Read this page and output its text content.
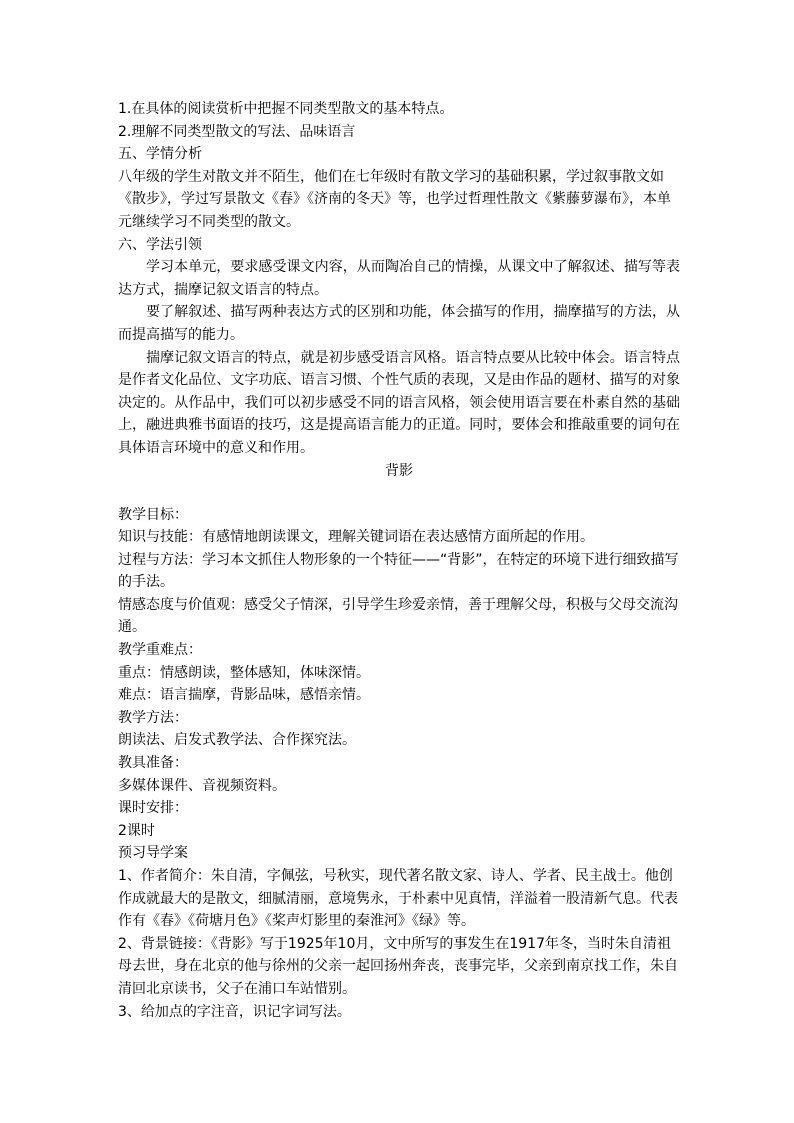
1.在具体的阅读赏析中把握不同类型散文的基本特点。

2.理解不同类型散文的写法、品味语言

五、学情分析

八年级的学生对散文并不陌生，他们在七年级时有散文学习的基础积累，学过叙事散文如《散步》，学过写景散文《春》《济南的冬天》等，也学过哲理性散文《紫藤萝瀑布》，本单元继续学习不同类型的散文。

六、学法引领

学习本单元，要求感受课文内容，从而陶冶自己的情操，从课文中了解叙述、描写等表达方式，揣摩记叙文语言的特点。

要了解叙述、描写两种表达方式的区别和功能，体会描写的作用，揣摩描写的方法，从而提高描写的能力。

揣摩记叙文语言的特点，就是初步感受语言风格。语言特点要从比较中体会。语言特点是作者文化品位、文字功底、语言习惯、个性气质的表现，又是由作品的题材、描写的对象决定的。从作品中，我们可以初步感受不同的语言风格，领会使用语言要在朴素自然的基础上，融进典雅书面语的技巧，这是提高语言能力的正道。同时，要体会和推敲重要的词句在具体语言环境中的意义和作用。

背影

教学目标：

知识与技能：有感情地朗读课文，理解关键词语在表达感情方面所起的作用。

过程与方法：学习本文抓住人物形象的一个特征——“背影”，在特定的环境下进行细致描写的手法。

情感态度与价值观：感受父子情深，引导学生珍爱亲情，善于理解父母，积极与父母交流沟通。

教学重难点：

重点：情感朗读，整体感知，体味深情。

难点：语言揣摩，背影品味，感悟亲情。

教学方法：

朗读法、启发式教学法、合作探究法。

教具准备：

多媒体课件、音视频资料。

课时安排：

2课时

预习导学案

1、作者简介：朱自清，字佩弦，号秋实，现代著名散文家、诗人、学者、民主战士。他创作成就最大的是散文，细腻清丽，意境隽永，于朴素中见真情，洋溢着一股清新气息。代表作有《春》《荷塘月色》《桨声灯影里的秦淮河》《绿》等。

2、背景链接：《背影》写于1925年10月，文中所写的事发生在1917年冬，当时朱自清祖母去世，身在北京的他与徐州的父亲一起回扬州奔丧，丧事完毕，父亲到南京找工作，朱自清回北京读书，父子在浦口车站惜别。

3、给加点的字注音，识记字词写法。
